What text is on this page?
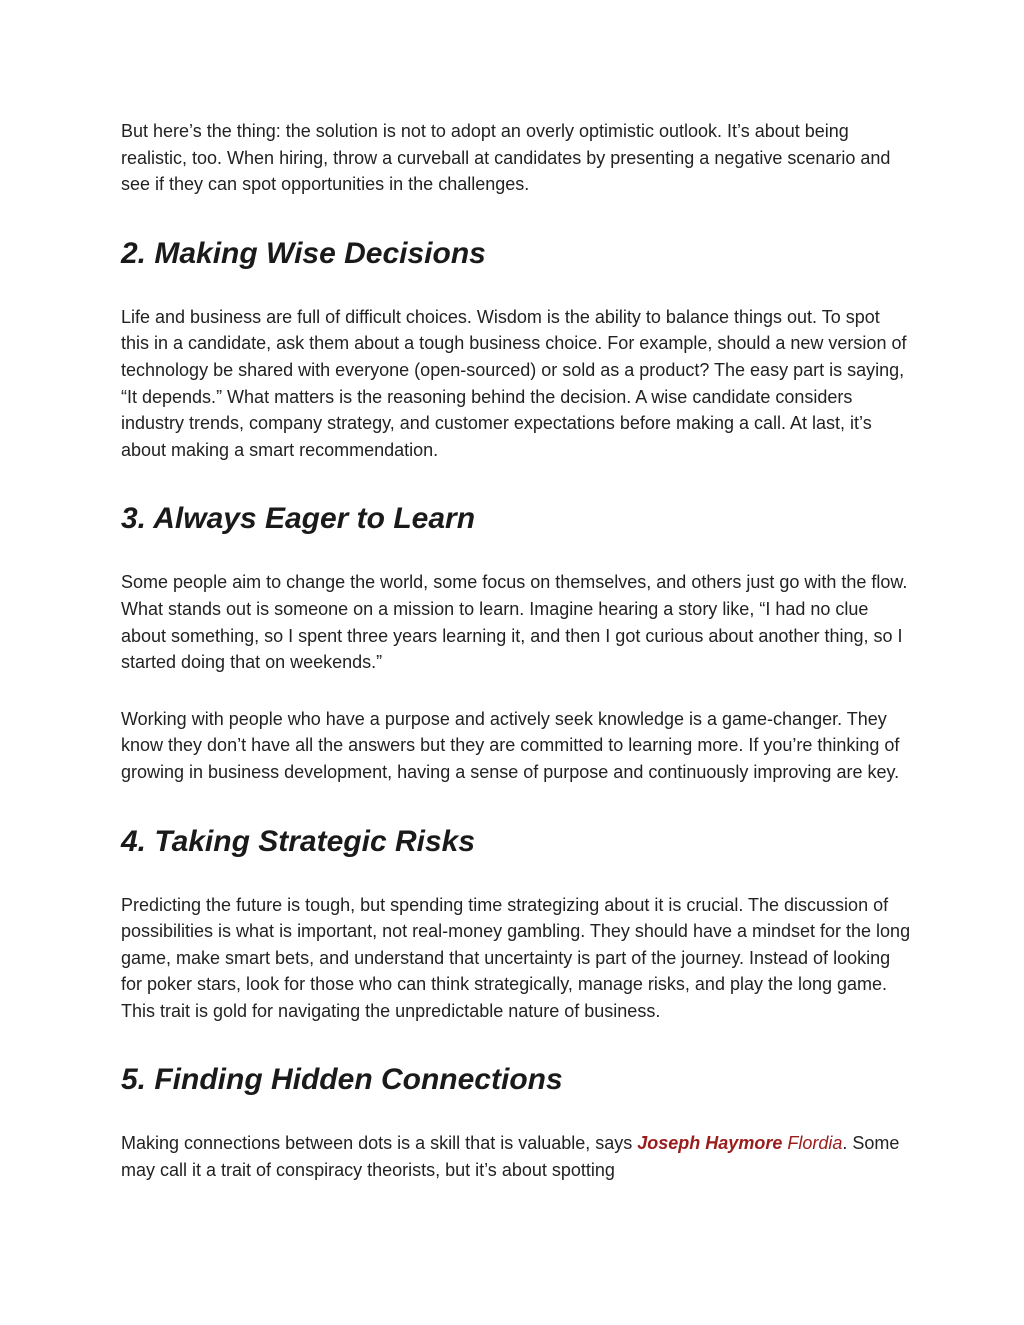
But here’s the thing: the solution is not to adopt an overly optimistic outlook. It’s about being realistic, too. When hiring, throw a curveball at candidates by presenting a negative scenario and see if they can spot opportunities in the challenges.

2. Making Wise Decisions

Life and business are full of difficult choices. Wisdom is the ability to balance things out. To spot this in a candidate, ask them about a tough business choice. For example, should a new version of technology be shared with everyone (open-sourced) or sold as a product? The easy part is saying, “It depends.” What matters is the reasoning behind the decision. A wise candidate considers industry trends, company strategy, and customer expectations before making a call. At last, it’s about making a smart recommendation.

3. Always Eager to Learn

Some people aim to change the world, some focus on themselves, and others just go with the flow. What stands out is someone on a mission to learn. Imagine hearing a story like, “I had no clue about something, so I spent three years learning it, and then I got curious about another thing, so I started doing that on weekends.”

Working with people who have a purpose and actively seek knowledge is a game-changer. They know they don’t have all the answers but they are committed to learning more. If you’re thinking of growing in business development, having a sense of purpose and continuously improving are key.

4. Taking Strategic Risks

Predicting the future is tough, but spending time strategizing about it is crucial. The discussion of possibilities is what is important, not real-money gambling. They should have a mindset for the long game, make smart bets, and understand that uncertainty is part of the journey. Instead of looking for poker stars, look for those who can think strategically, manage risks, and play the long game. This trait is gold for navigating the unpredictable nature of business.

5. Finding Hidden Connections

Making connections between dots is a skill that is valuable, says Joseph Haymore Flordia. Some may call it a trait of conspiracy theorists, but it’s about spotting
